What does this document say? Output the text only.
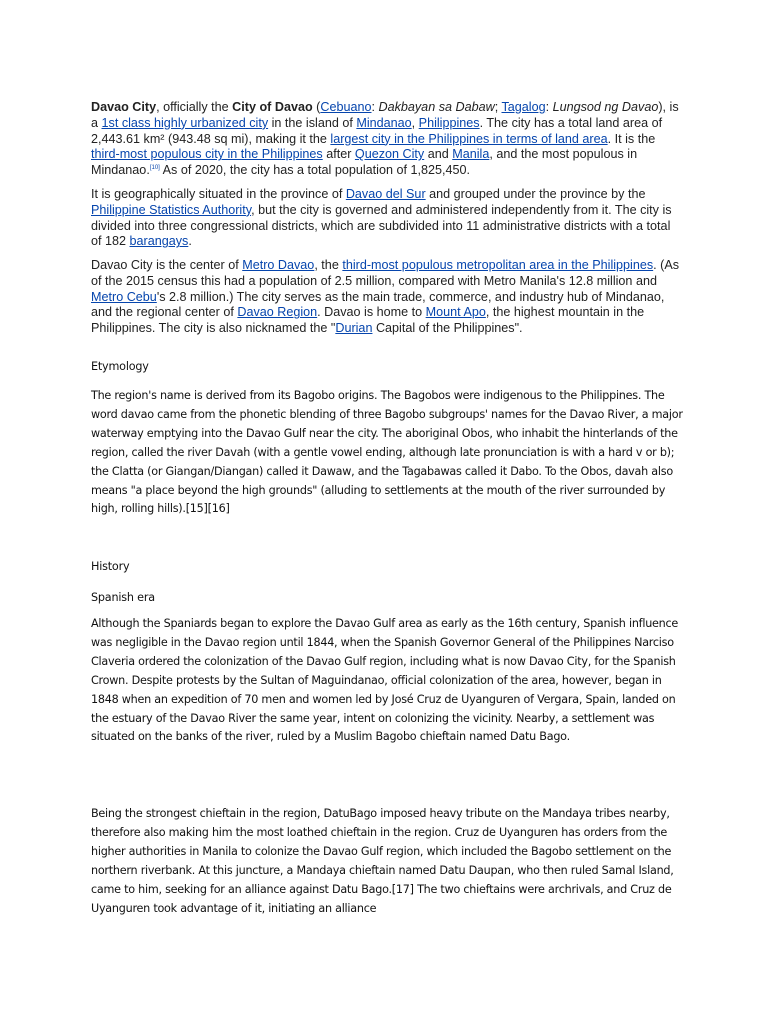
Davao City, officially the City of Davao (Cebuano: Dakbayan sa Dabaw; Tagalog: Lungsod ng Davao), is a 1st class highly urbanized city in the island of Mindanao, Philippines. The city has a total land area of 2,443.61 km² (943.48 sq mi), making it the largest city in the Philippines in terms of land area. It is the third-most populous city in the Philippines after Quezon City and Manila, and the most populous in Mindanao.[10] As of 2020, the city has a total population of 1,825,450.

It is geographically situated in the province of Davao del Sur and grouped under the province by the Philippine Statistics Authority, but the city is governed and administered independently from it. The city is divided into three congressional districts, which are subdivided into 11 administrative districts with a total of 182 barangays.

Davao City is the center of Metro Davao, the third-most populous metropolitan area in the Philippines. (As of the 2015 census this had a population of 2.5 million, compared with Metro Manila's 12.8 million and Metro Cebu's 2.8 million.) The city serves as the main trade, commerce, and industry hub of Mindanao, and the regional center of Davao Region. Davao is home to Mount Apo, the highest mountain in the Philippines. The city is also nicknamed the "Durian Capital of the Philippines".

Etymology

The region's name is derived from its Bagobo origins. The Bagobos were indigenous to the Philippines. The word davao came from the phonetic blending of three Bagobo subgroups' names for the Davao River, a major waterway emptying into the Davao Gulf near the city. The aboriginal Obos, who inhabit the hinterlands of the region, called the river Davah (with a gentle vowel ending, although late pronunciation is with a hard v or b); the Clatta (or Giangan/Diangan) called it Dawaw, and the Tagabawas called it Dabo. To the Obos, davah also means "a place beyond the high grounds" (alluding to settlements at the mouth of the river surrounded by high, rolling hills).[15][16]

History

Spanish era

Although the Spaniards began to explore the Davao Gulf area as early as the 16th century, Spanish influence was negligible in the Davao region until 1844, when the Spanish Governor General of the Philippines Narciso Claveria ordered the colonization of the Davao Gulf region, including what is now Davao City, for the Spanish Crown. Despite protests by the Sultan of Maguindanao, official colonization of the area, however, began in 1848 when an expedition of 70 men and women led by José Cruz de Uyanguren of Vergara, Spain, landed on the estuary of the Davao River the same year, intent on colonizing the vicinity. Nearby, a settlement was situated on the banks of the river, ruled by a Muslim Bagobo chieftain named Datu Bago.

Being the strongest chieftain in the region, DatuBago imposed heavy tribute on the Mandaya tribes nearby, therefore also making him the most loathed chieftain in the region. Cruz de Uyanguren has orders from the higher authorities in Manila to colonize the Davao Gulf region, which included the Bagobo settlement on the northern riverbank. At this juncture, a Mandaya chieftain named Datu Daupan, who then ruled Samal Island, came to him, seeking for an alliance against Datu Bago.[17] The two chieftains were archrivals, and Cruz de Uyanguren took advantage of it, initiating an alliance
